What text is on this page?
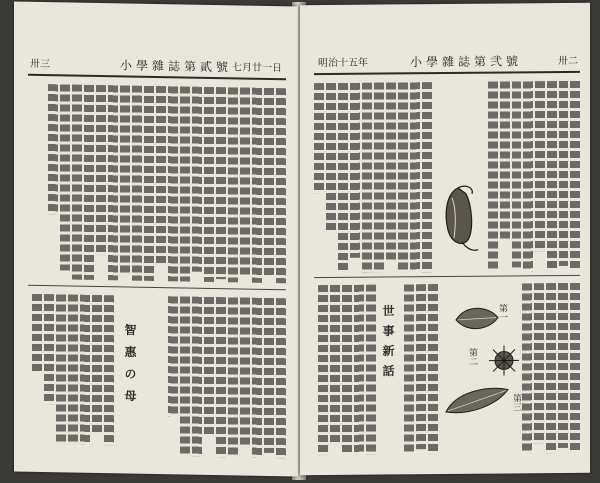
卅三	小學雜誌第貳號 七月廿一日
智惠の母
明治十五年	小學雜誌第弐號	卅二
第一
第二
第三
世事新話
